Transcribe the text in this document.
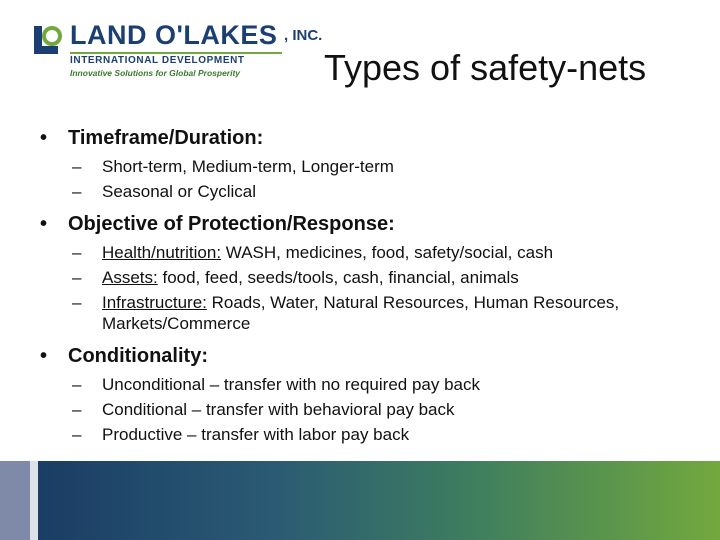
LAND O'LAKES , INC.
INTERNATIONAL DEVELOPMENT
Innovative Solutions for Global Prosperity Types of safety-nets
• Timeframe/Duration:
– Short-term, Medium-term, Longer-term
– Seasonal or Cyclical
• Objective of Protection/Response:
– Health/nutrition: WASH, medicines, food, safety/social, cash
– Assets: food, feed, seeds/tools, cash, financial, animals
– Infrastructure: Roads, Water, Natural Resources, Human Resources, Markets/Commerce
• Conditionality:
– Unconditional – transfer with no required pay back
– Conditional – transfer with behavioral pay back
– Productive – transfer with labor pay back
